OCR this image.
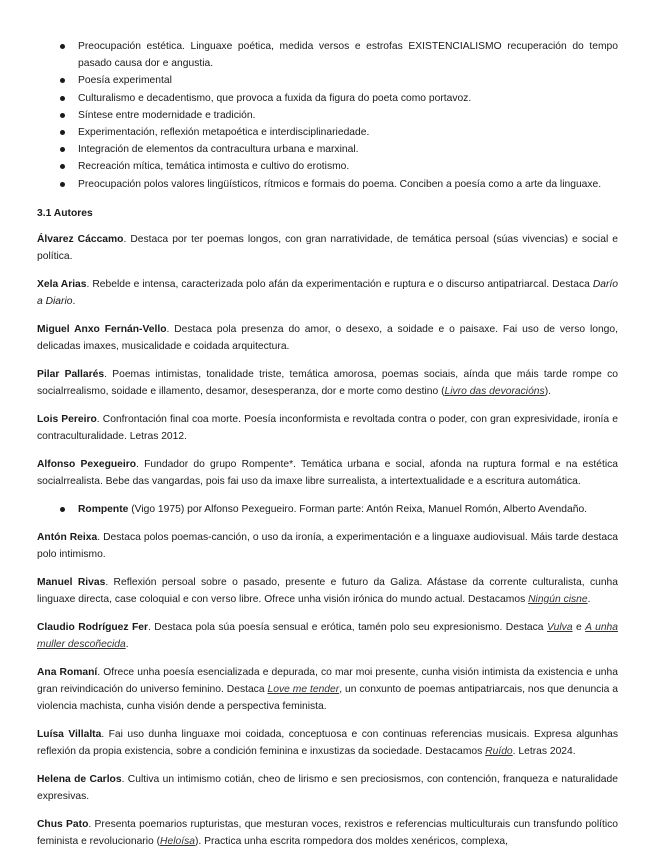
Preocupación estética. Linguaxe poética, medida versos e estrofas EXISTENCIALISMO recuperación do tempo pasado causa dor e angustia.
Poesía experimental
Culturalismo e decadentismo, que provoca a fuxida da figura do poeta como portavoz.
Síntese entre modernidade e tradición.
Experimentación, reflexión metapoética e interdisciplinariedade.
Integración de elementos da contracultura urbana e marxinal.
Recreación mítica, temática intimosta e cultivo do erotismo.
Preocupación polos valores lingüísticos, rítmicos e formais do poema. Conciben a poesía como a arte da linguaxe.
3.1 Autores

Álvarez Cáccamo. Destaca por ter poemas longos, con gran narratividade, de temática persoal (súas vivencias) e social e política.

Xela Arias. Rebelde e intensa, caracterizada polo afán da experimentación e ruptura e o discurso antipatriarcal. Destaca Darío a Diario.

Miguel Anxo Fernán-Vello. Destaca pola presenza do amor, o desexo, a soidade e o paisaxe. Fai uso de verso longo, delicadas imaxes, musicalidade e coidada arquitectura.

Pilar Pallarés. Poemas intimistas, tonalidade triste, temática amorosa, poemas sociais, aínda que máis tarde rompe co socialrrealismo, soidade e illamento, desamor, desesperanza, dor e morte como destino (Livro das devoracións).

Lois Pereiro. Confrontación final coa morte. Poesía inconformista e revoltada contra o poder, con gran expresividade, ironía e contraculturalidade. Letras 2012.

Alfonso Pexegueiro. Fundador do grupo Rompente*. Temática urbana e social, afonda na ruptura formal e na estética socialrrealista. Bebe das vangardas, pois fai uso da imaxe libre surrealista, a intertextualidade e a escritura automática.

Rompente (Vigo 1975) por Alfonso Pexegueiro. Forman parte: Antón Reixa, Manuel Romón, Alberto Avendaño.

Antón Reixa. Destaca polos poemas-canción, o uso da ironía, a experimentación e a linguaxe audiovisual. Máis tarde destaca polo intimismo.

Manuel Rivas. Reflexión persoal sobre o pasado, presente e futuro da Galiza. Afástase da corrente culturalista, cunha linguaxe directa, case coloquial e con verso libre. Ofrece unha visión irónica do mundo actual. Destacamos Ningún cisne.

Claudio Rodríguez Fer. Destaca pola súa poesía sensual e erótica, tamén polo seu expresionismo. Destaca Vulva e A unha muller descoñecida.

Ana Romaní. Ofrece unha poesía esencializada e depurada, co mar moi presente, cunha visión intimista da existencia e unha gran reivindicación do universo feminino. Destaca Love me tender, un conxunto de poemas antipatriarcais, nos que denuncia a violencia machista, cunha visión dende a perspectiva feminista.

Luísa Villalta. Fai uso dunha linguaxe moi coidada, conceptuosa e con continuas referencias musicais. Expresa algunhas reflexión da propia existencia, sobre a condición feminina e inxustizas da sociedade. Destacamos Ruído. Letras 2024.

Helena de Carlos. Cultiva un intimismo cotián, cheo de lirismo e sen preciosismos, con contención, franqueza e naturalidade expresivas.

Chus Pato. Presenta poemarios rupturistas, que mesturan voces, rexistros e referencias multiculturais cun transfundo político feminista e revolucionario (Heloísa). Practica unha escrita rompedora dos moldes xenéricos, complexa,
